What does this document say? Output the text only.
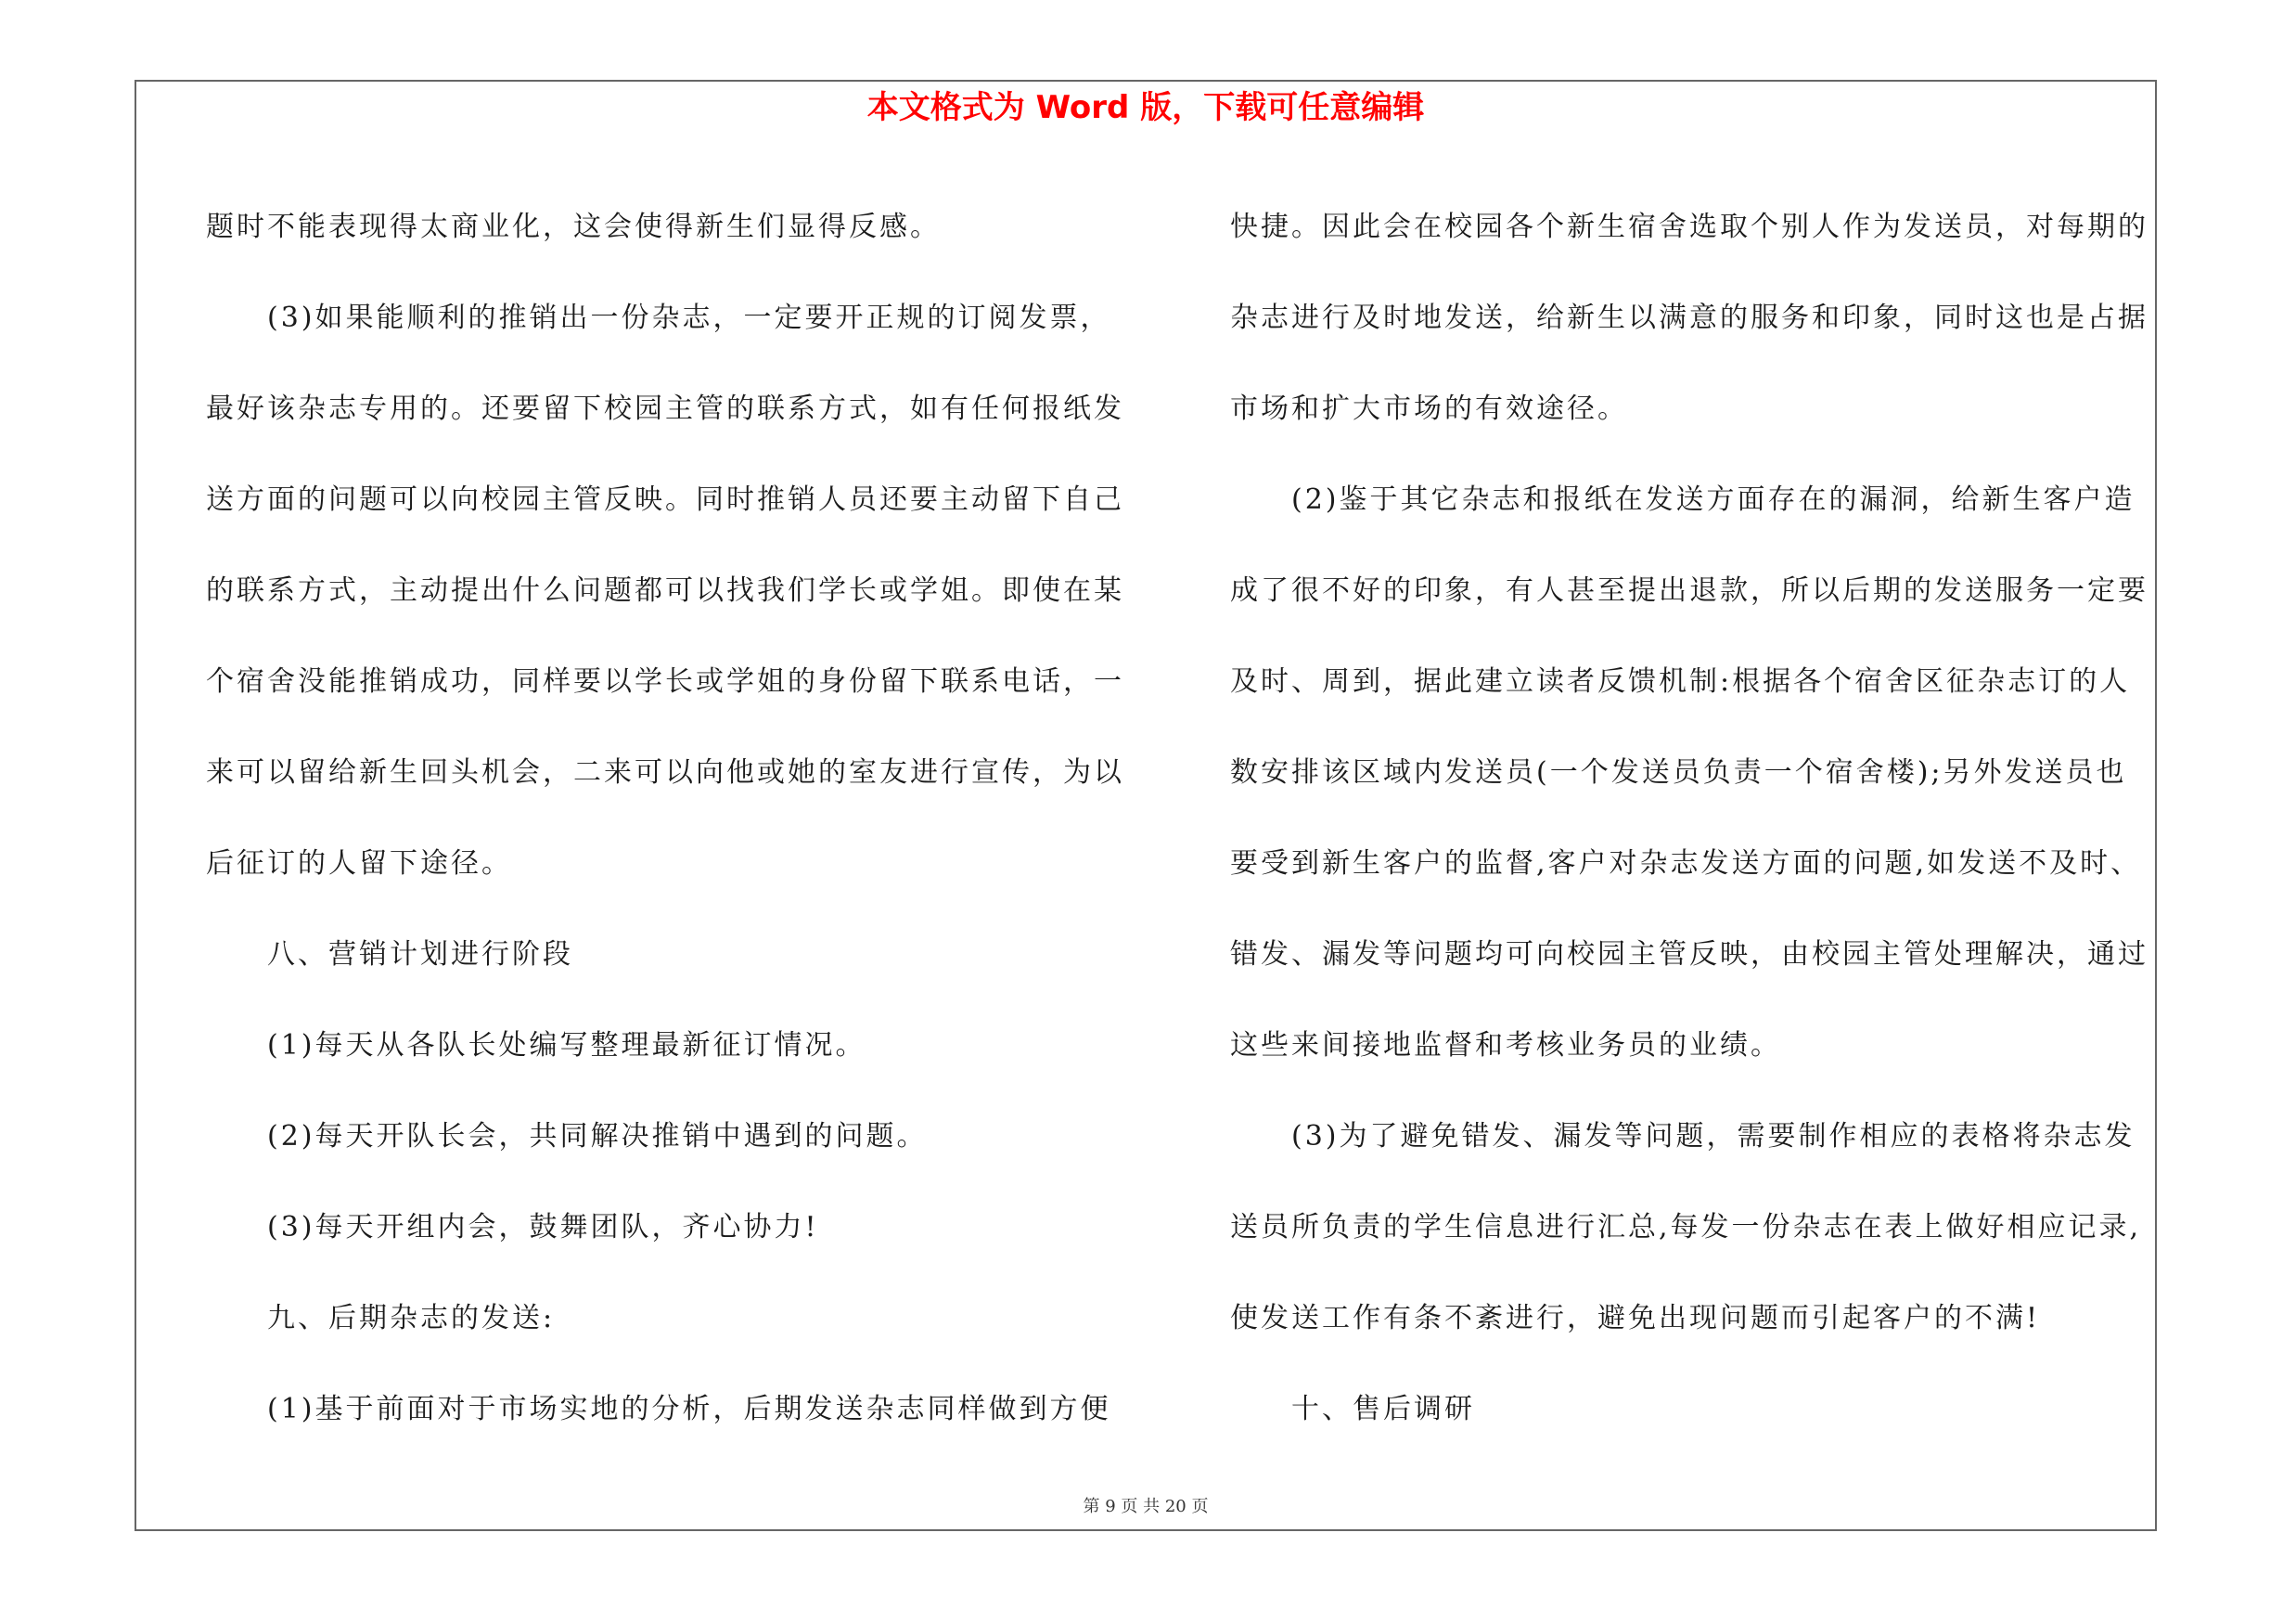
本文格式为 Word 版，下载可任意编辑
题时不能表现得太商业化，这会使得新生们显得反感。
(3)如果能顺利的推销出一份杂志，一定要开正规的订阅发票，
最好该杂志专用的。还要留下校园主管的联系方式，如有任何报纸发
送方面的问题可以向校园主管反映。同时推销人员还要主动留下自己
的联系方式，主动提出什么问题都可以找我们学长或学姐。即使在某
个宿舍没能推销成功，同样要以学长或学姐的身份留下联系电话，一
来可以留给新生回头机会，二来可以向他或她的室友进行宣传，为以
后征订的人留下途径。
八、营销计划进行阶段
(1)每天从各队长处编写整理最新征订情况。
(2)每天开队长会，共同解决推销中遇到的问题。
(3)每天开组内会，鼓舞团队，齐心协力!
九、后期杂志的发送:
(1)基于前面对于市场实地的分析，后期发送杂志同样做到方便
快捷。因此会在校园各个新生宿舍选取个别人作为发送员，对每期的
杂志进行及时地发送，给新生以满意的服务和印象，同时这也是占据
市场和扩大市场的有效途径。
(2)鉴于其它杂志和报纸在发送方面存在的漏洞，给新生客户造
成了很不好的印象，有人甚至提出退款，所以后期的发送服务一定要
及时、周到，据此建立读者反馈机制:根据各个宿舍区征杂志订的人
数安排该区域内发送员(一个发送员负责一个宿舍楼);另外发送员也
要受到新生客户的监督,客户对杂志发送方面的问题,如发送不及时、
错发、漏发等问题均可向校园主管反映，由校园主管处理解决，通过
这些来间接地监督和考核业务员的业绩。
(3)为了避免错发、漏发等问题，需要制作相应的表格将杂志发
送员所负责的学生信息进行汇总,每发一份杂志在表上做好相应记录,
使发送工作有条不紊进行，避免出现问题而引起客户的不满!
十、售后调研
第 9 页 共 20 页
